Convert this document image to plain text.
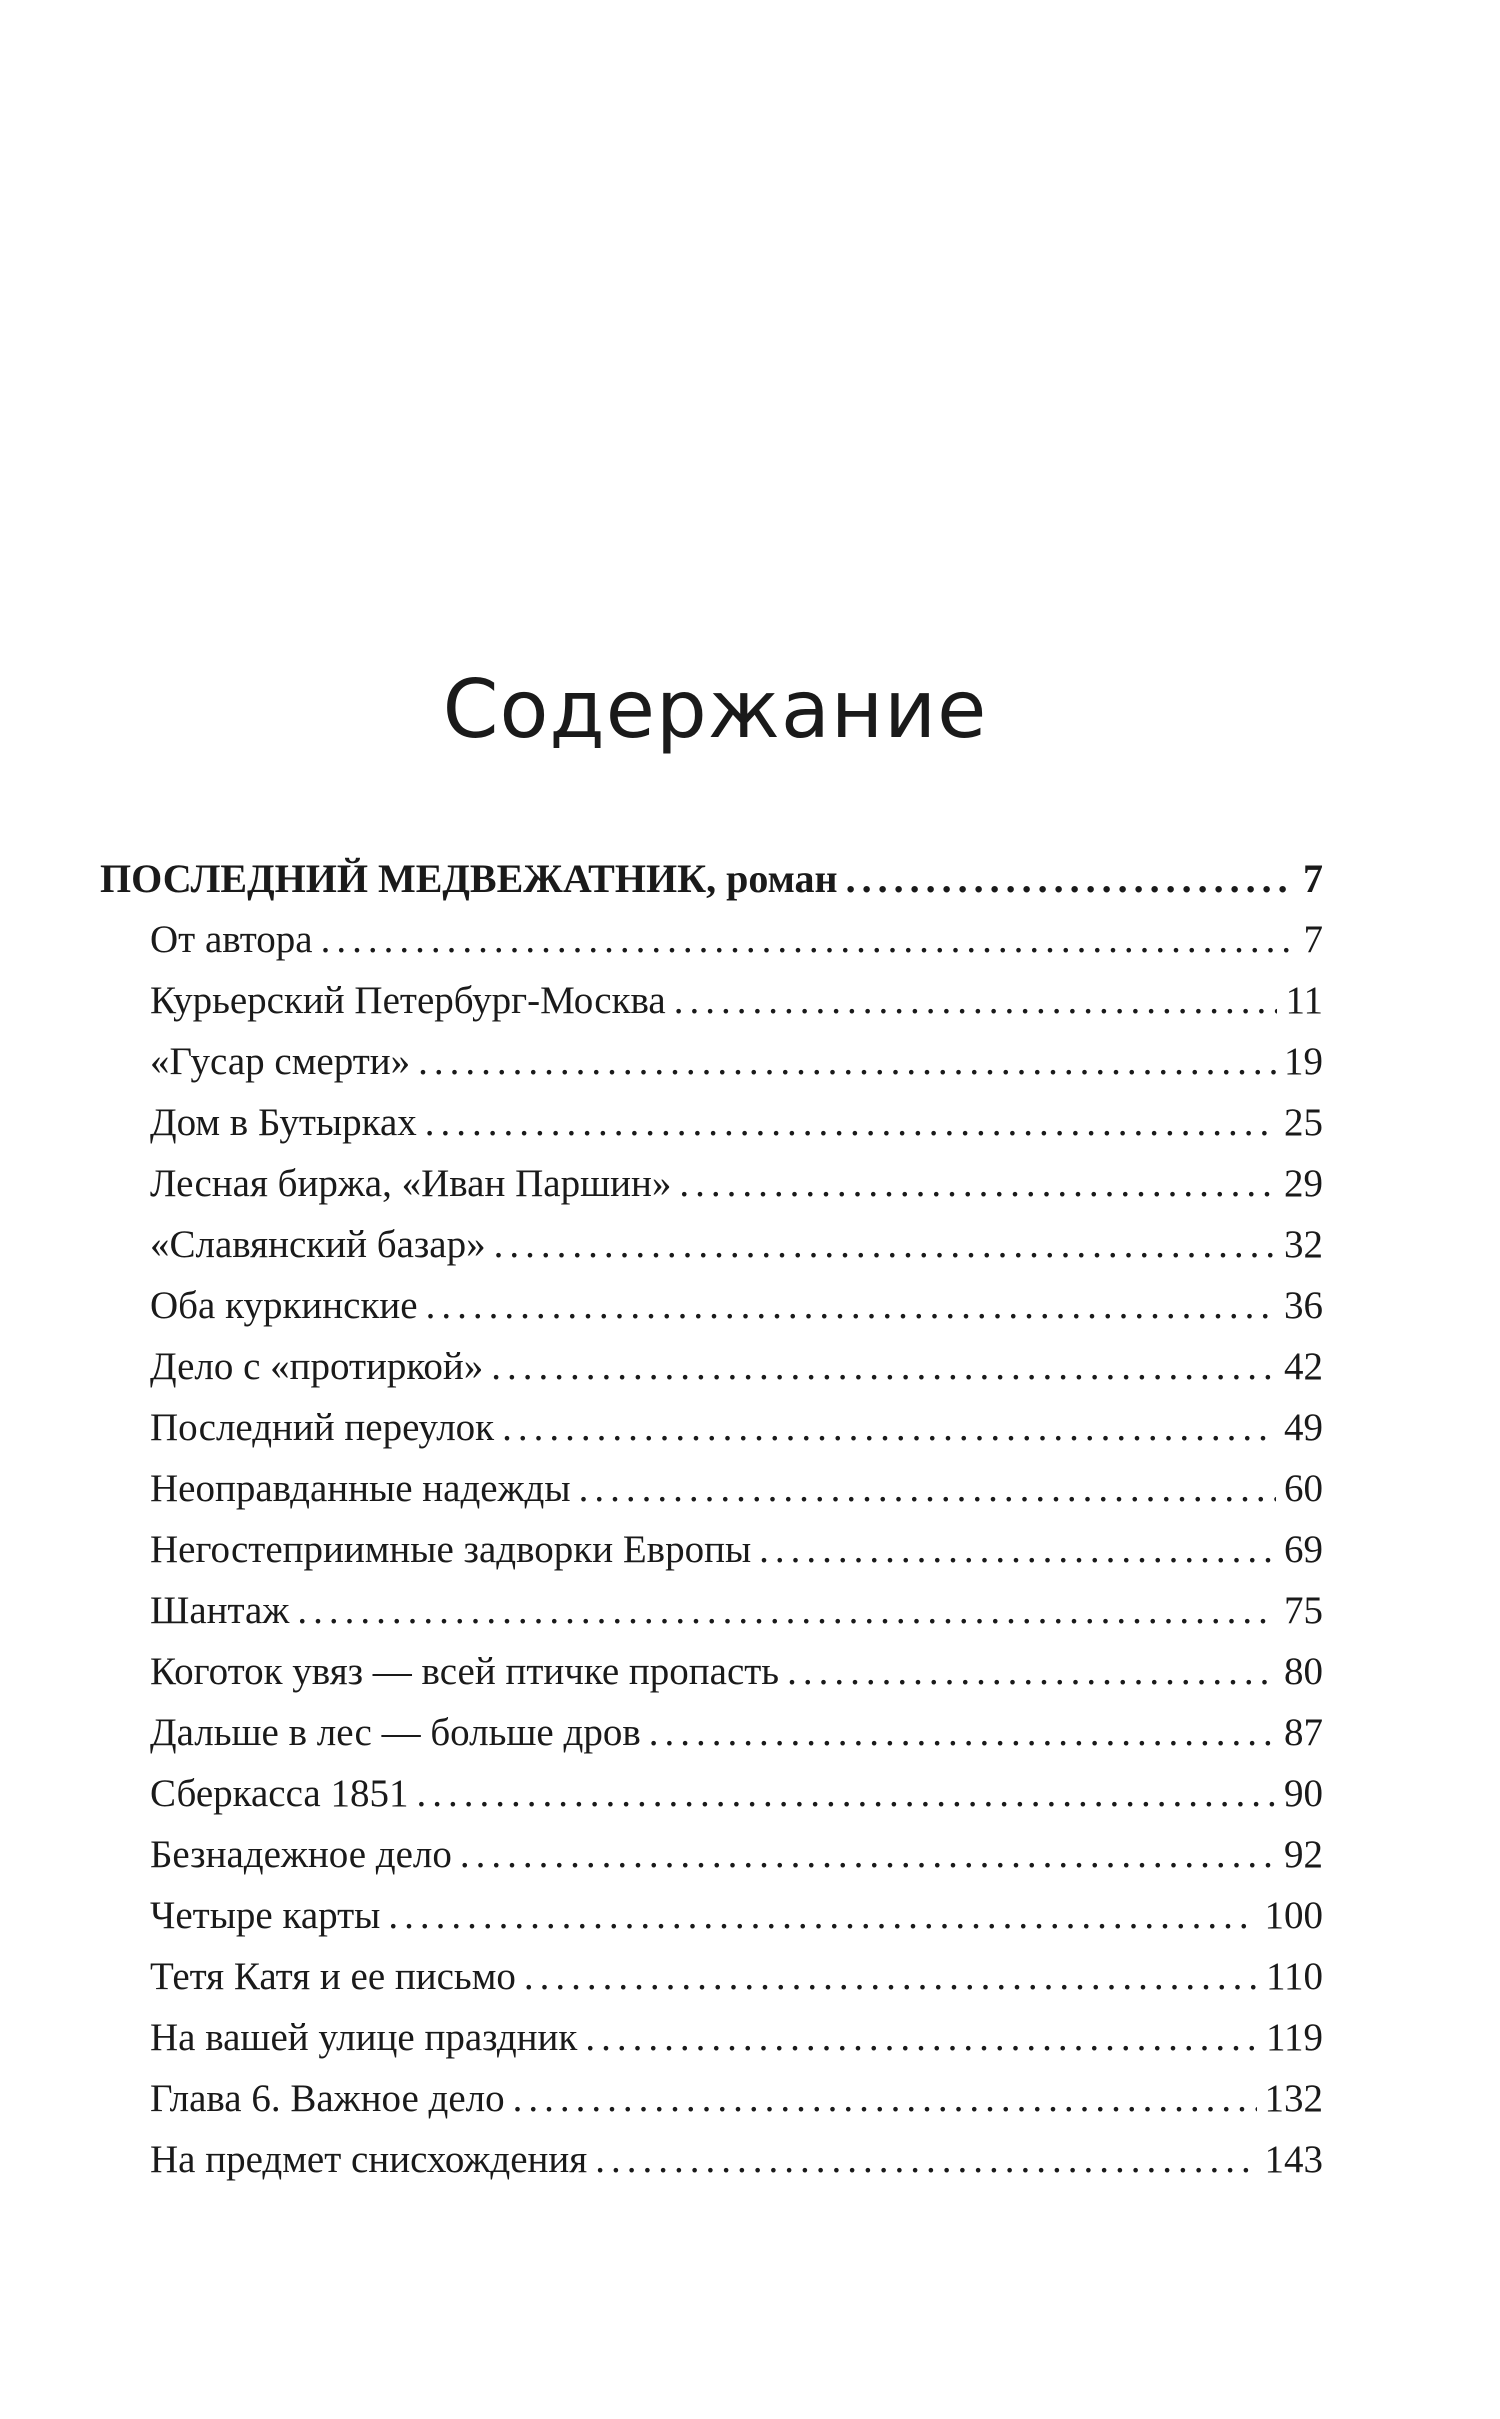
Содержание
ПОСЛЕДНИЙ МЕДВЕЖАТНИК, роман .....	7
От автора .....	7
Курьерский Петербург-Москва .....	11
«Гусар смерти» .....	19
Дом в Бутырках .....	25
Лесная биржа, «Иван Паршин» .....	29
«Славянский базар» .....	32
Оба куркинские .....	36
Дело с «протиркой» .....	42
Последний переулок .....	49
Неоправданные надежды .....	60
Негостеприимные задворки Европы .....	69
Шантаж .....	75
Коготок увяз — всей птичке пропасть .....	80
Дальше в лес — больше дров .....	87
Сберкасса 1851 .....	90
Безнадежное дело .....	92
Четыре карты .....	100
Тетя Катя и ее письмо .....	110
На вашей улице праздник .....	119
Глава 6. Важное дело .....	132
На предмет снисхождения .....	143
